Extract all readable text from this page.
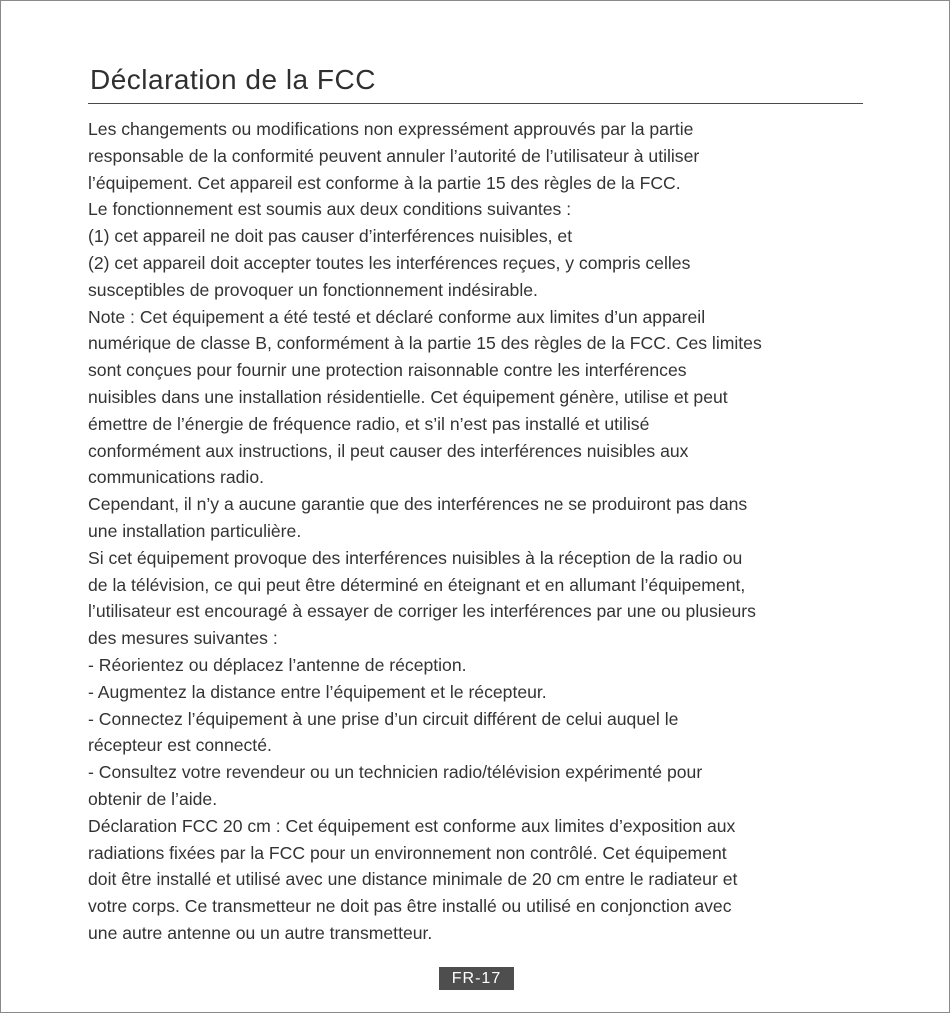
Déclaration de la FCC
Les changements ou modifications non expressément approuvés par la partie
responsable de la conformité peuvent annuler l’autorité de l’utilisateur à utiliser
l’équipement. Cet appareil est conforme à la partie 15 des règles de la FCC.
Le fonctionnement est soumis aux deux conditions suivantes :
(1) cet appareil ne doit pas causer d’interférences nuisibles, et
(2) cet appareil doit accepter toutes les interférences reçues, y compris celles
susceptibles de provoquer un fonctionnement indésirable.
Note : Cet équipement a été testé et déclaré conforme aux limites d’un appareil
numérique de classe B, conformément à la partie 15 des règles de la FCC. Ces limites
sont conçues pour fournir une protection raisonnable contre les interférences
nuisibles dans une installation résidentielle. Cet équipement génère, utilise et peut
émettre de l’énergie de fréquence radio, et s’il n’est pas installé et utilisé
conformément aux instructions, il peut causer des interférences nuisibles aux
communications radio.
Cependant, il n’y a aucune garantie que des interférences ne se produiront pas dans
une installation particulière.
Si cet équipement provoque des interférences nuisibles à la réception de la radio ou
de la télévision, ce qui peut être déterminé en éteignant et en allumant l’équipement,
l’utilisateur est encouragé à essayer de corriger les interférences par une ou plusieurs
des mesures suivantes :
- Réorientez ou déplacez l’antenne de réception.
- Augmentez la distance entre l’équipement et le récepteur.
- Connectez l’équipement à une prise d’un circuit différent de celui auquel le
récepteur est connecté.
- Consultez votre revendeur ou un technicien radio/télévision expérimenté pour
obtenir de l’aide.
Déclaration FCC 20 cm : Cet équipement est conforme aux limites d’exposition aux
radiations fixées par la FCC pour un environnement non contrôlé. Cet équipement
doit être installé et utilisé avec une distance minimale de 20 cm entre le radiateur et
votre corps. Ce transmetteur ne doit pas être installé ou utilisé en conjonction avec
une autre antenne ou un autre transmetteur.
FR-17
